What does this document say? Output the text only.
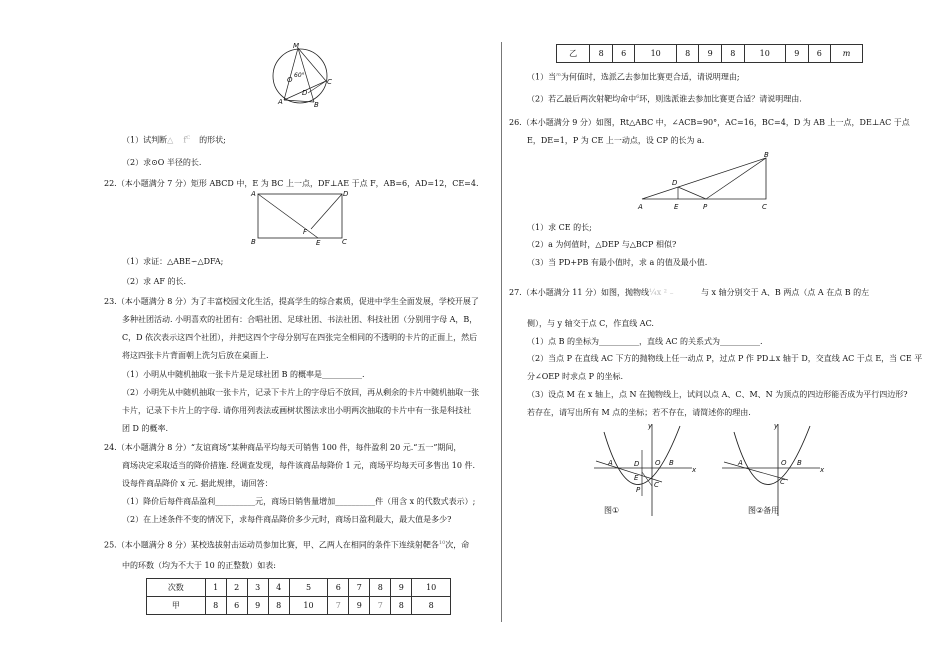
M
O
60°
C
D
A	B
（1）试判断△    $f^C$ 的形状;
（2）求⊙O 半径的长.
22.（本小题满分 7 分）矩形 ABCD 中，E 为 BC 上一点，DF⊥AE 于点 F，AB=6，AD=12，CE=4.
A	D
B	C
E
F
（1）求证：△ABE∽△DFA;
（2）求 AF 的长.
23.（本小题满分 8 分）为了丰富校园文化生活，提高学生的综合素质，促进中学生全面发展，学校开展了
多种社团活动. 小明喜欢的社团有：合唱社团、足球社团、书法社团、科技社团（分别用字母 A，B，
C，D 依次表示这四个社团），并把这四个字母分别写在四张完全相同的不透明的卡片的正面上，然后
将这四张卡片背面朝上洗匀后放在桌面上.
（1）小明从中随机抽取一张卡片是足球社团 B 的概率是__________.
（2）小明先从中随机抽取一张卡片，记录下卡片上的字母后不放回，再从剩余的卡片中随机抽取一张
卡片，记录下卡片上的字母. 请你用列表法或画树状图法求出小明两次抽取的卡片中有一张是科技社
团 D 的概率.
24.（本小题满分 8 分）“友谊商场”某种商品平均每天可销售 100 件，每件盈利 20 元.“五一”期间，
商场决定采取适当的降价措施. 经调查发现，每件该商品每降价 1 元，商场平均每天可多售出 10 件.
设每件商品降价 x 元. 据此规律，请回答：
（1）降价后每件商品盈利__________元，商场日销售量增加__________件（用含 x 的代数式表示）;
（2）在上述条件不变的情况下，求每件商品降价多少元时，商场日盈利最大，最大值是多少?
25.（本小题满分 8 分）某校选拔射击运动员参加比赛，甲、乙两人在相同的条件下连续射靶各$^{10}$次，命
中的环数（均为不大于 10 的正整数）如表:
次数	1	2	3	4	5	6	7	8	9	10
甲	8	6	9	8	10	7	9	7	8	8
乙	8	6	10	8	9	8	10	9	6	m
（1）当$^m$为何值时，选派乙去参加比赛更合适，请说明理由;
（2）若乙最后两次射靶均命中$^6$环，则选派谁去参加比赛更合适？请说明理由.
26.（本小题满分 9 分）如图，Rt△ABC 中，∠ACB=90°，AC=16，BC=4，D 为 AB 上一点，DE⊥AC 于点
E，DE=1，P 为 CE 上一动点，设 CP 的长为 a.
A	E	P	C
D
B
（1）求 CE 的长;
（2）a 为何值时，△DEP 与△BCP 相似?
（3）当 PD+PB 有最小值时，求 a 的值及最小值.
27.（本小题满分 11 分）如图，抛物线¼x ² ₋	与 x 轴分别交于 A、B 两点（点 A 在点 B 的左
侧），与 y 轴交于点 C，作直线 AC.
（1）点 B 的坐标为__________，直线 AC 的关系式为__________.
（2）当点 P 在直线 AC 下方的抛物线上任一动点 P，过点 P 作 PD⊥x 轴于 D，交直线 AC 于点 E，当 CE 平
分∠OEP 时求点 P 的坐标.
（3）设点 M 在 x 轴上，点 N 在抛物线上，试问以点 A、C、M、N 为顶点的四边形能否成为平行四边形?
若存在，请写出所有 M 点的坐标；若不存在，请简述你的理由.
y
x
O
A	B
C
D
E
P
图①
y
x
O
A	B
C
图②备用
